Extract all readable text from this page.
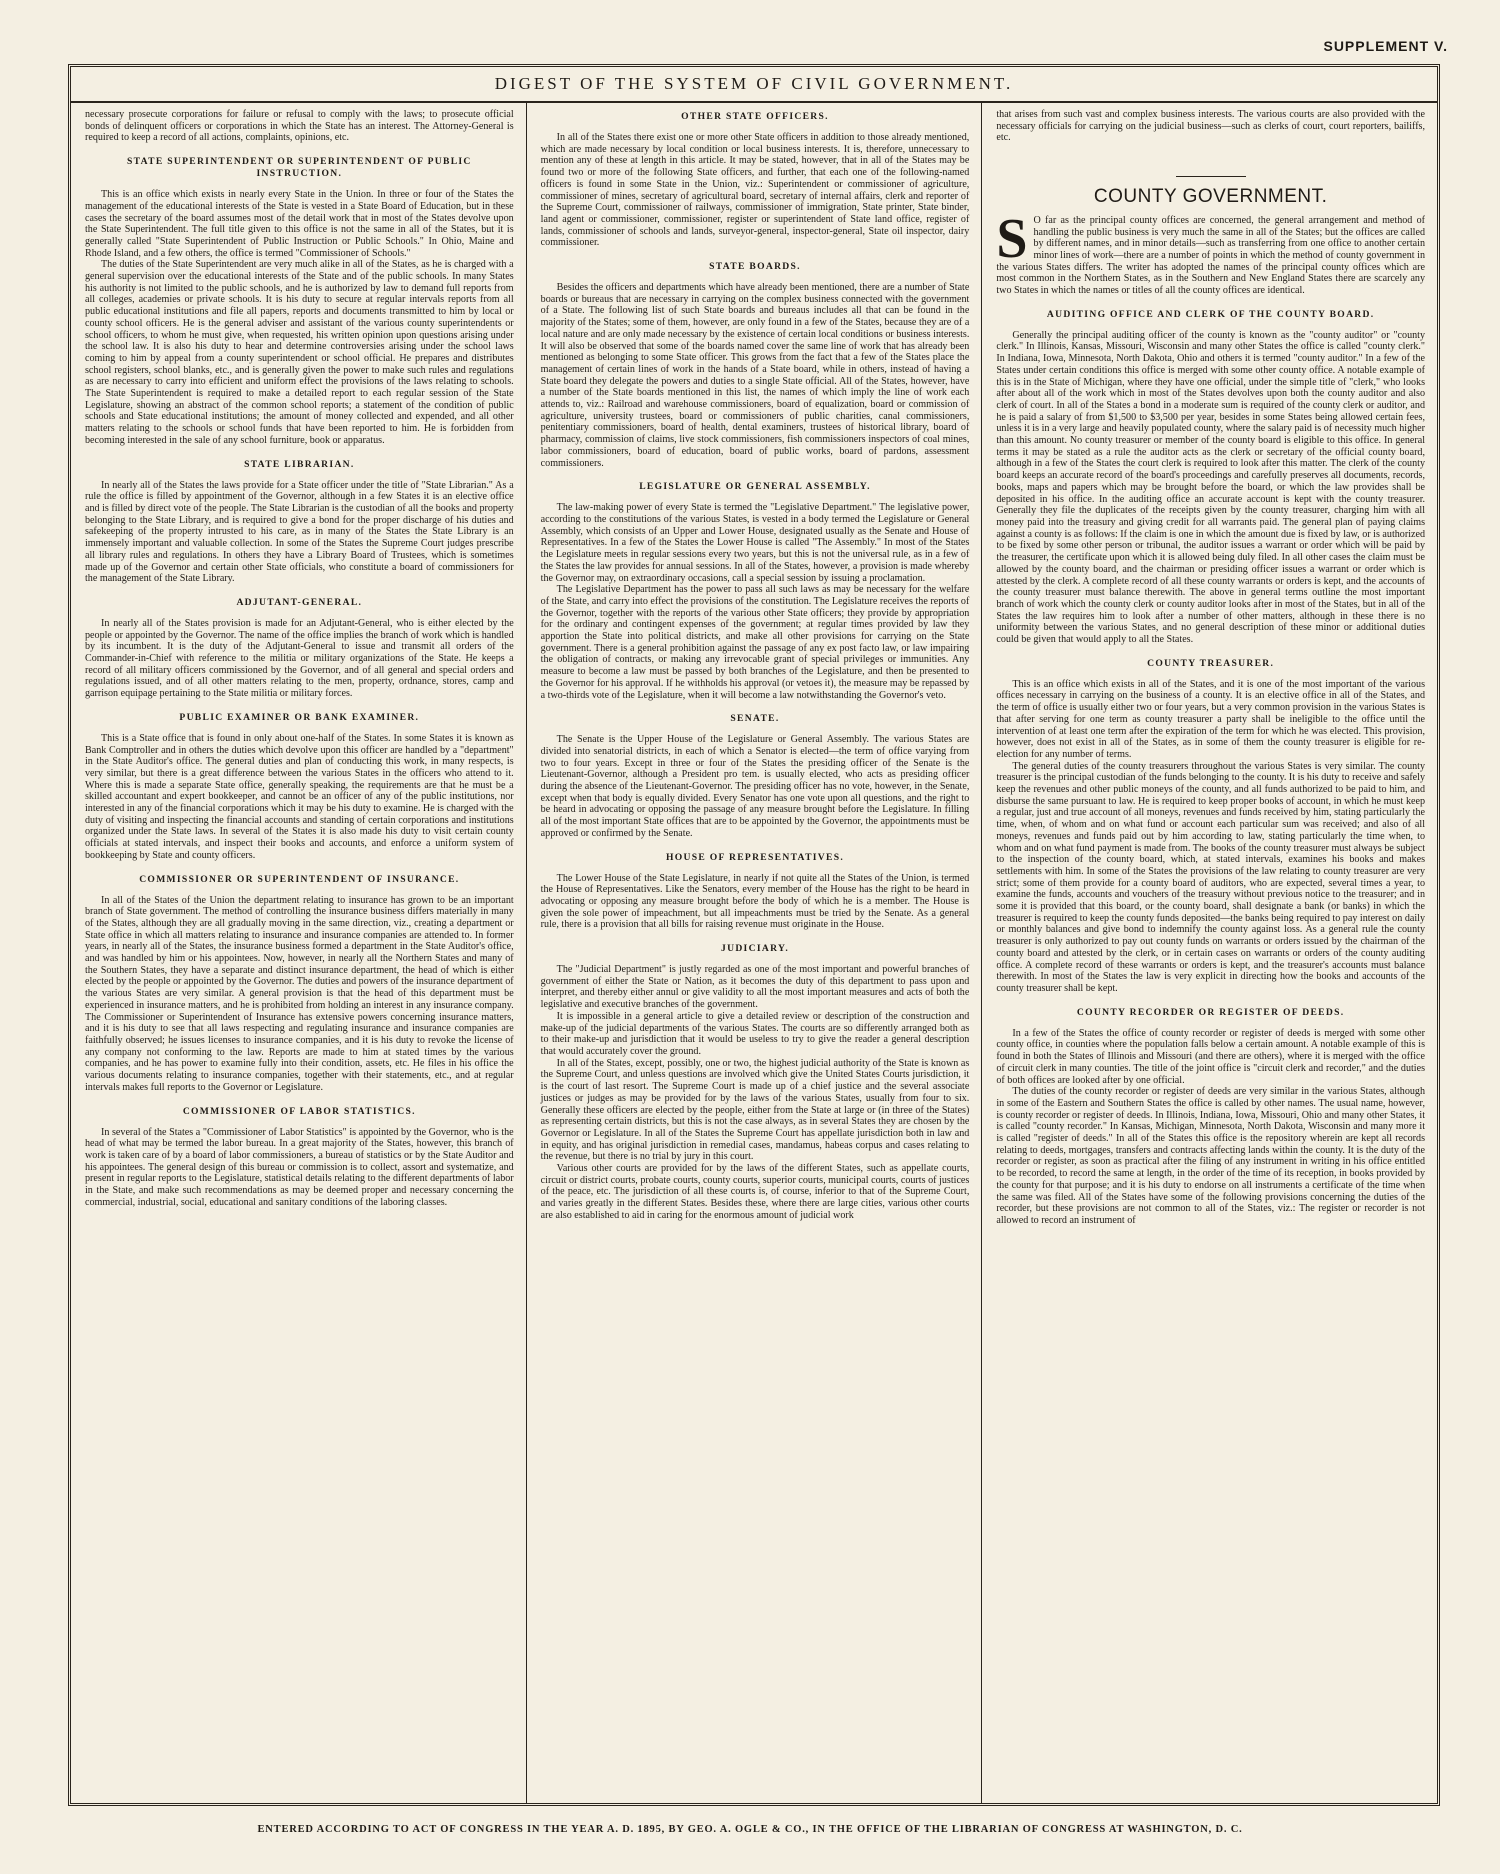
SUPPLEMENT V.
DIGEST OF THE SYSTEM OF CIVIL GOVERNMENT.

necessary prosecute corporations for failure or refusal to comply with the laws; to prosecute official bonds of delinquent officers or corporations in which the State has an interest. The Attorney-General is required to keep a record of all actions, complaints, opinions, etc.

STATE SUPERINTENDENT OR SUPERINTENDENT OF PUBLIC INSTRUCTION.

This is an office which exists in nearly every State in the Union. In three or four of the States the management of the educational interests of the State is vested in a State Board of Education, but in these cases the secretary of the board assumes most of the detail work that in most of the States devolve upon the State Superintendent. The full title given to this office is not the same in all of the States, but it is generally called "State Superintendent of Public Instruction or Public Schools." In Ohio, Maine and Rhode Island, and a few others, the office is termed "Commissioner of Schools."

The duties of the State Superintendent are very much alike in all of the States, as he is charged with a general supervision over the educational interests of the State and of the public schools. In many States his authority is not limited to the public schools, and he is authorized by law to demand full reports from all colleges, academies or private schools. It is his duty to secure at regular intervals reports from all public educational institutions and file all papers, reports and documents transmitted to him by local or county school officers. He is the general adviser and assistant of the various county superintendents or school officers, to whom he must give, when requested, his written opinion upon questions arising under the school law. It is also his duty to hear and determine controversies arising under the school laws coming to him by appeal from a county superintendent or school official. He prepares and distributes school registers, school blanks, etc., and is generally given the power to make such rules and regulations as are necessary to carry into efficient and uniform effect the provisions of the laws relating to schools. The State Superintendent is required to make a detailed report to each regular session of the State Legislature, showing an abstract of the common school reports; a statement of the condition of public schools and State educational institutions; the amount of money collected and expended, and all other matters relating to the schools or school funds that have been reported to him. He is forbidden from becoming interested in the sale of any school furniture, book or apparatus.

STATE LIBRARIAN.

In nearly all of the States the laws provide for a State officer under the title of "State Librarian." As a rule the office is filled by appointment of the Governor, although in a few States it is an elective office and is filled by direct vote of the people. The State Librarian is the custodian of all the books and property belonging to the State Library, and is required to give a bond for the proper discharge of his duties and safekeeping of the property intrusted to his care, as in many of the States the State Library is an immensely important and valuable collection. In some of the States the Supreme Court judges prescribe all library rules and regulations. In others they have a Library Board of Trustees, which is sometimes made up of the Governor and certain other State officials, who constitute a board of commissioners for the management of the State Library.

ADJUTANT-GENERAL.

In nearly all of the States provision is made for an Adjutant-General, who is either elected by the people or appointed by the Governor. The name of the office implies the branch of work which is handled by its incumbent. It is the duty of the Adjutant-General to issue and transmit all orders of the Commander-in-Chief with reference to the militia or military organizations of the State. He keeps a record of all military officers commissioned by the Governor, and of all general and special orders and regulations issued, and of all other matters relating to the men, property, ordnance, stores, camp and garrison equipage pertaining to the State militia or military forces.

PUBLIC EXAMINER OR BANK EXAMINER.

This is a State office that is found in only about one-half of the States. In some States it is known as Bank Comptroller and in others the duties which devolve upon this officer are handled by a "department" in the State Auditor's office. The general duties and plan of conducting this work, in many respects, is very similar, but there is a great difference between the various States in the officers who attend to it. Where this is made a separate State office, generally speaking, the requirements are that he must be a skilled accountant and expert bookkeeper, and cannot be an officer of any of the public institutions, nor interested in any of the financial corporations which it may be his duty to examine. He is charged with the duty of visiting and inspecting the financial accounts and standing of certain corporations and institutions organized under the State laws. In several of the States it is also made his duty to visit certain county officials at stated intervals, and inspect their books and accounts, and enforce a uniform system of bookkeeping by State and county officers.

COMMISSIONER OR SUPERINTENDENT OF INSURANCE.

In all of the States of the Union the department relating to insurance has grown to be an important branch of State government. The method of controlling the insurance business differs materially in many of the States, although they are all gradually moving in the same direction, viz., creating a department or State office in which all matters relating to insurance and insurance companies are attended to. In former years, in nearly all of the States, the insurance business formed a department in the State Auditor's office, and was handled by him or his appointees. Now, however, in nearly all the Northern States and many of the Southern States, they have a separate and distinct insurance department, the head of which is either elected by the people or appointed by the Governor. The duties and powers of the insurance department of the various States are very similar. A general provision is that the head of this department must be experienced in insurance matters, and he is prohibited from holding an interest in any insurance company. The Commissioner or Superintendent of Insurance has extensive powers concerning insurance matters, and it is his duty to see that all laws respecting and regulating insurance and insurance companies are faithfully observed; he issues licenses to insurance companies, and it is his duty to revoke the license of any company not conforming to the law. Reports are made to him at stated times by the various companies, and he has power to examine fully into their condition, assets, etc. He files in his office the various documents relating to insurance companies, together with their statements, etc., and at regular intervals makes full reports to the Governor or Legislature.

COMMISSIONER OF LABOR STATISTICS.

In several of the States a "Commissioner of Labor Statistics" is appointed by the Governor, who is the head of what may be termed the labor bureau. In a great majority of the States, however, this branch of work is taken care of by a board of labor commissioners, a bureau of statistics or by the State Auditor and his appointees. The general design of this bureau or commission is to collect, assort and systematize, and present in regular reports to the Legislature, statistical details relating to the different departments of labor in the State, and make such recommendations as may be deemed proper and necessary concerning the commercial, industrial, social, educational and sanitary conditions of the laboring classes.

OTHER STATE OFFICERS.

In all of the States there exist one or more other State officers in addition to those already mentioned, which are made necessary by local condition or local business interests. It is, therefore, unnecessary to mention any of these at length in this article. It may be stated, however, that in all of the States may be found two or more of the following State officers, and further, that each one of the following-named officers is found in some State in the Union, viz.: Superintendent or commissioner of agriculture, commissioner of mines, secretary of agricultural board, secretary of internal affairs, clerk and reporter of the Supreme Court, commissioner of railways, commissioner of immigration, State printer, State binder, land agent or commissioner, commissioner, register or superintendent of State land office, register of lands, commissioner of schools and lands, surveyor-general, inspector-general, State oil inspector, dairy commissioner.

STATE BOARDS.

Besides the officers and departments which have already been mentioned, there are a number of State boards or bureaus that are necessary in carrying on the complex business connected with the government of a State. The following list of such State boards and bureaus includes all that can be found in the majority of the States; some of them, however, are only found in a few of the States, because they are of a local nature and are only made necessary by the existence of certain local conditions or business interests. It will also be observed that some of the boards named cover the same line of work that has already been mentioned as belonging to some State officer. This grows from the fact that a few of the States place the management of certain lines of work in the hands of a State board, while in others, instead of having a State board they delegate the powers and duties to a single State official. All of the States, however, have a number of the State boards mentioned in this list, the names of which imply the line of work each attends to, viz.: Railroad and warehouse commissioners, board of equalization, board or commission of agriculture, university trustees, board or commissioners of public charities, canal commissioners, penitentiary commissioners, board of health, dental examiners, trustees of historical library, board of pharmacy, commission of claims, live stock commissioners, fish commissioners inspectors of coal mines, labor commissioners, board of education, board of public works, board of pardons, assessment commissioners.

LEGISLATURE OR GENERAL ASSEMBLY.

The law-making power of every State is termed the "Legislative Department." The legislative power, according to the constitutions of the various States, is vested in a body termed the Legislature or General Assembly, which consists of an Upper and Lower House, designated usually as the Senate and House of Representatives. In a few of the States the Lower House is called "The Assembly." In most of the States the Legislature meets in regular sessions every two years, but this is not the universal rule, as in a few of the States the law provides for annual sessions. In all of the States, however, a provision is made whereby the Governor may, on extraordinary occasions, call a special session by issuing a proclamation.

The Legislative Department has the power to pass all such laws as may be necessary for the welfare of the State, and carry into effect the provisions of the constitution. The Legislature receives the reports of the Governor, together with the reports of the various other State officers; they provide by appropriation for the ordinary and contingent expenses of the government; at regular times provided by law they apportion the State into political districts, and make all other provisions for carrying on the State government. There is a general prohibition against the passage of any ex post facto law, or law impairing the obligation of contracts, or making any irrevocable grant of special privileges or immunities. Any measure to become a law must be passed by both branches of the Legislature, and then be presented to the Governor for his approval. If he withholds his approval (or vetoes it), the measure may be repassed by a two-thirds vote of the Legislature, when it will become a law notwithstanding the Governor's veto.

SENATE.

The Senate is the Upper House of the Legislature or General Assembly. The various States are divided into senatorial districts, in each of which a Senator is elected—the term of office varying from two to four years. Except in three or four of the States the presiding officer of the Senate is the Lieutenant-Governor, although a President pro tem. is usually elected, who acts as presiding officer during the absence of the Lieutenant-Governor. The presiding officer has no vote, however, in the Senate, except when that body is equally divided. Every Senator has one vote upon all questions, and the right to be heard in advocating or opposing the passage of any measure brought before the Legislature. In filling all of the most important State offices that are to be appointed by the Governor, the appointments must be approved or confirmed by the Senate.

HOUSE OF REPRESENTATIVES.

The Lower House of the State Legislature, in nearly if not quite all the States of the Union, is termed the House of Representatives. Like the Senators, every member of the House has the right to be heard in advocating or opposing any measure brought before the body of which he is a member. The House is given the sole power of impeachment, but all impeachments must be tried by the Senate. As a general rule, there is a provision that all bills for raising revenue must originate in the House.

JUDICIARY.

The "Judicial Department" is justly regarded as one of the most important and powerful branches of government of either the State or Nation, as it becomes the duty of this department to pass upon and interpret, and thereby either annul or give validity to all the most important measures and acts of both the legislative and executive branches of the government.

It is impossible in a general article to give a detailed review or description of the construction and make-up of the judicial departments of the various States. The courts are so differently arranged both as to their make-up and jurisdiction that it would be useless to try to give the reader a general description that would accurately cover the ground.

In all of the States, except, possibly, one or two, the highest judicial authority of the State is known as the Supreme Court, and unless questions are involved which give the United States Courts jurisdiction, it is the court of last resort. The Supreme Court is made up of a chief justice and the several associate justices or judges as may be provided for by the laws of the various States, usually from four to six. Generally these officers are elected by the people, either from the State at large or (in three of the States) as representing certain districts, but this is not the case always, as in several States they are chosen by the Governor or Legislature. In all of the States the Supreme Court has appellate jurisdiction both in law and in equity, and has original jurisdiction in remedial cases, mandamus, habeas corpus and cases relating to the revenue, but there is no trial by jury in this court.

Various other courts are provided for by the laws of the different States, such as appellate courts, circuit or district courts, probate courts, county courts, superior courts, municipal courts, courts of justices of the peace, etc. The jurisdiction of all these courts is, of course, inferior to that of the Supreme Court, and varies greatly in the different States. Besides these, where there are large cities, various other courts are also established to aid in caring for the enormous amount of judicial work

that arises from such vast and complex business interests. The various courts are also provided with the necessary officials for carrying on the judicial business—such as clerks of court, court reporters, bailiffs, etc.

COUNTY GOVERNMENT.
S O far as the principal county offices are concerned, the general arrangement and method of handling the public business is very much the same in all of the States; but the offices are called by different names, and in minor details—such as transferring from one office to another certain minor lines of work—there are a number of points in which the method of county government in the various States differs. The writer has adopted the names of the principal county offices which are most common in the Northern States, as in the Southern and New England States there are scarcely any two States in which the names or titles of all the county offices are identical.

AUDITING OFFICE AND CLERK OF THE COUNTY BOARD.

Generally the principal auditing officer of the county is known as the "county auditor" or "county clerk." In Illinois, Kansas, Missouri, Wisconsin and many other States the office is called "county clerk." In Indiana, Iowa, Minnesota, North Dakota, Ohio and others it is termed "county auditor." In a few of the States under certain conditions this office is merged with some other county office. A notable example of this is in the State of Michigan, where they have one official, under the simple title of "clerk," who looks after about all of the work which in most of the States devolves upon both the county auditor and also clerk of court. In all of the States a bond in a moderate sum is required of the county clerk or auditor, and he is paid a salary of from $1,500 to $3,500 per year, besides in some States being allowed certain fees, unless it is in a very large and heavily populated county, where the salary paid is of necessity much higher than this amount. No county treasurer or member of the county board is eligible to this office. In general terms it may be stated as a rule the auditor acts as the clerk or secretary of the official county board, although in a few of the States the court clerk is required to look after this matter. The clerk of the county board keeps an accurate record of the board's proceedings and carefully preserves all documents, records, books, maps and papers which may be brought before the board, or which the law provides shall be deposited in his office. In the auditing office an accurate account is kept with the county treasurer. Generally they file the duplicates of the receipts given by the county treasurer, charging him with all money paid into the treasury and giving credit for all warrants paid. The general plan of paying claims against a county is as follows: If the claim is one in which the amount due is fixed by law, or is authorized to be fixed by some other person or tribunal, the auditor issues a warrant or order which will be paid by the treasurer, the certificate upon which it is allowed being duly filed. In all other cases the claim must be allowed by the county board, and the chairman or presiding officer issues a warrant or order which is attested by the clerk. A complete record of all these county warrants or orders is kept, and the accounts of the county treasurer must balance therewith. The above in general terms outline the most important branch of work which the county clerk or county auditor looks after in most of the States, but in all of the States the law requires him to look after a number of other matters, although in these there is no uniformity between the various States, and no general description of these minor or additional duties could be given that would apply to all the States.

COUNTY TREASURER.

This is an office which exists in all of the States, and it is one of the most important of the various offices necessary in carrying on the business of a county. It is an elective office in all of the States, and the term of office is usually either two or four years, but a very common provision in the various States is that after serving for one term as county treasurer a party shall be ineligible to the office until the intervention of at least one term after the expiration of the term for which he was elected. This provision, however, does not exist in all of the States, as in some of them the county treasurer is eligible for re-election for any number of terms.

The general duties of the county treasurers throughout the various States is very similar. The county treasurer is the principal custodian of the funds belonging to the county. It is his duty to receive and safely keep the revenues and other public moneys of the county, and all funds authorized to be paid to him, and disburse the same pursuant to law. He is required to keep proper books of account, in which he must keep a regular, just and true account of all moneys, revenues and funds received by him, stating particularly the time, when, of whom and on what fund or account each particular sum was received; and also of all moneys, revenues and funds paid out by him according to law, stating particularly the time when, to whom and on what fund payment is made from. The books of the county treasurer must always be subject to the inspection of the county board, which, at stated intervals, examines his books and makes settlements with him. In some of the States the provisions of the law relating to county treasurer are very strict; some of them provide for a county board of auditors, who are expected, several times a year, to examine the funds, accounts and vouchers of the treasury without previous notice to the treasurer; and in some it is provided that this board, or the county board, shall designate a bank (or banks) in which the treasurer is required to keep the county funds deposited—the banks being required to pay interest on daily or monthly balances and give bond to indemnify the county against loss. As a general rule the county treasurer is only authorized to pay out county funds on warrants or orders issued by the chairman of the county board and attested by the clerk, or in certain cases on warrants or orders of the county auditing office. A complete record of these warrants or orders is kept, and the treasurer's accounts must balance therewith. In most of the States the law is very explicit in directing how the books and accounts of the county treasurer shall be kept.

COUNTY RECORDER OR REGISTER OF DEEDS.

In a few of the States the office of county recorder or register of deeds is merged with some other county office, in counties where the population falls below a certain amount. A notable example of this is found in both the States of Illinois and Missouri (and there are others), where it is merged with the office of circuit clerk in many counties. The title of the joint office is "circuit clerk and recorder," and the duties of both offices are looked after by one official.

The duties of the county recorder or register of deeds are very similar in the various States, although in some of the Eastern and Southern States the office is called by other names. The usual name, however, is county recorder or register of deeds. In Illinois, Indiana, Iowa, Missouri, Ohio and many other States, it is called "county recorder." In Kansas, Michigan, Minnesota, North Dakota, Wisconsin and many more it is called "register of deeds." In all of the States this office is the repository wherein are kept all records relating to deeds, mortgages, transfers and contracts affecting lands within the county. It is the duty of the recorder or register, as soon as practical after the filing of any instrument in writing in his office entitled to be recorded, to record the same at length, in the order of the time of its reception, in books provided by the county for that purpose; and it is his duty to endorse on all instruments a certificate of the time when the same was filed. All of the States have some of the following provisions concerning the duties of the recorder, but these provisions are not common to all of the States, viz.: The register or recorder is not allowed to record an instrument of

ENTERED ACCORDING TO ACT OF CONGRESS IN THE YEAR A. D. 1895, BY GEO. A. OGLE & CO., IN THE OFFICE OF THE LIBRARIAN OF CONGRESS AT WASHINGTON, D. C.
